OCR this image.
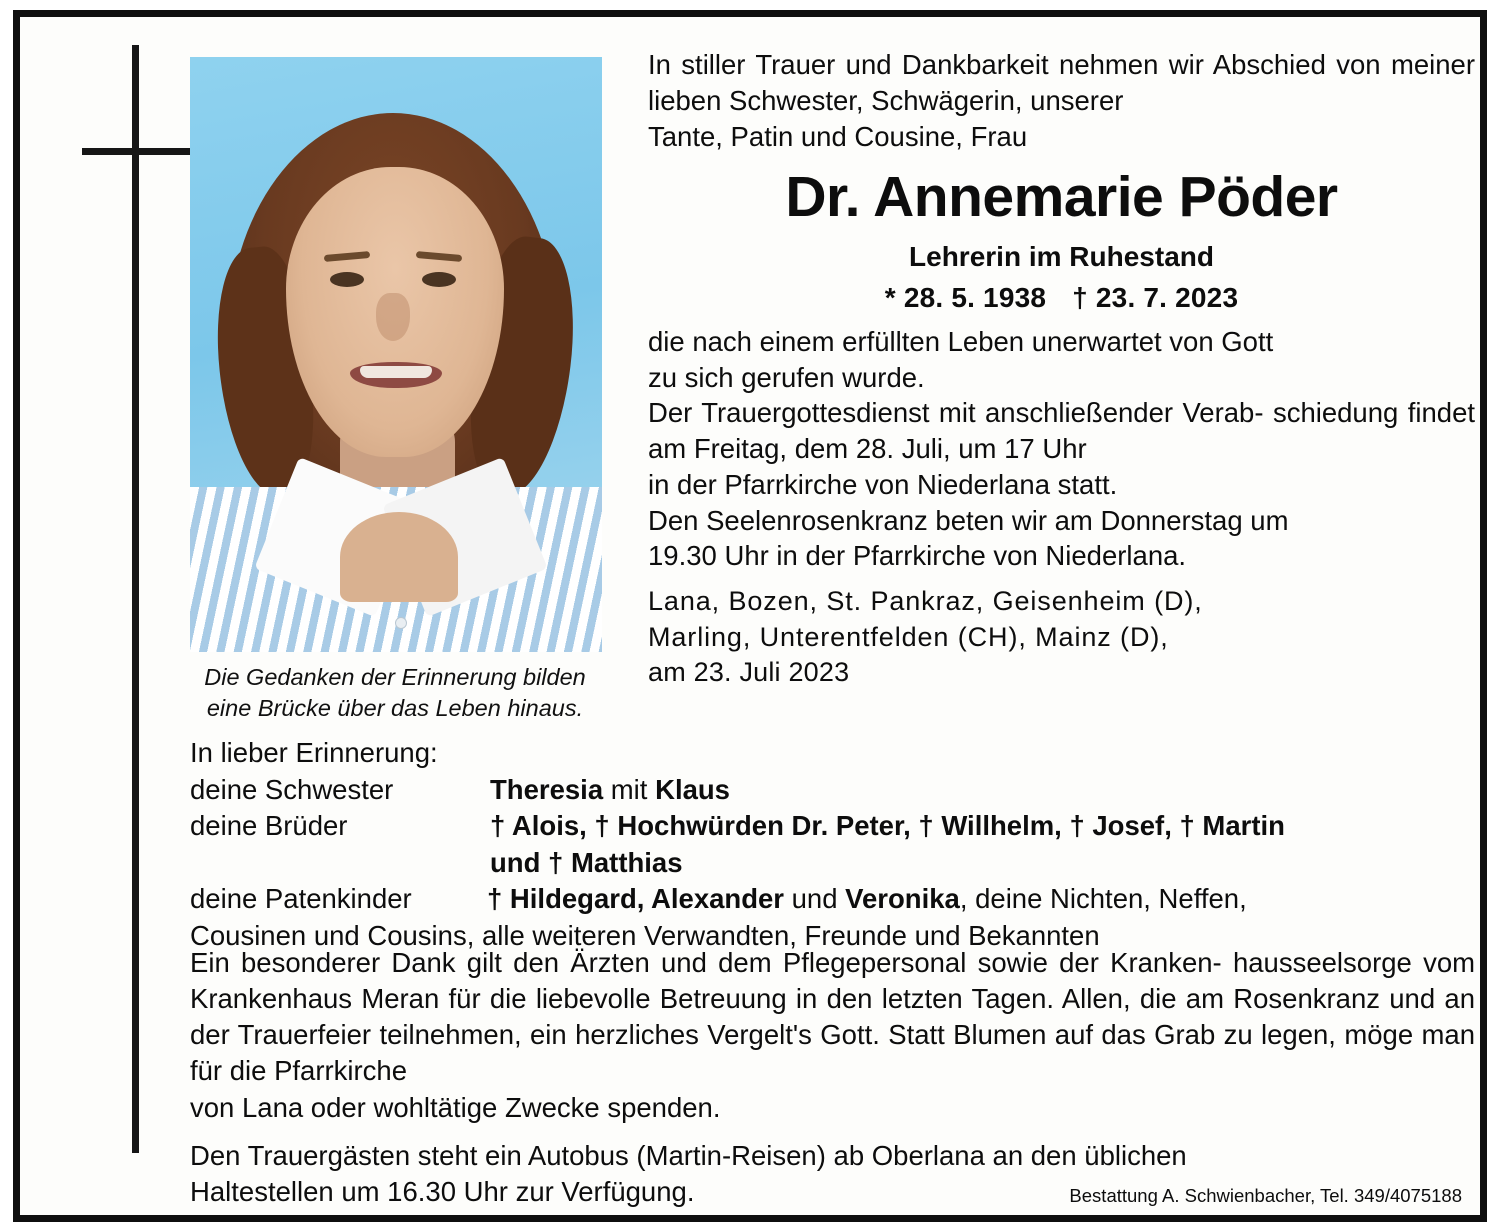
Die Gedanken der Erinnerung bilden
eine Brücke über das Leben hinaus.
In stiller Trauer und Dankbarkeit nehmen wir Abschied von meiner lieben Schwester, Schwägerin, unserer
Tante, Patin und Cousine, Frau
Dr. Annemarie Pöder
Lehrerin im Ruhestand
* 28. 5. 1938 † 23. 7. 2023
die nach einem erfüllten Leben unerwartet von Gott
zu sich gerufen wurde.
Der Trauergottesdienst mit anschließender Verab- schiedung findet am Freitag, dem 28. Juli, um 17 Uhr
in der Pfarrkirche von Niederlana statt.
Den Seelenrosenkranz beten wir am Donnerstag um
19.30 Uhr in der Pfarrkirche von Niederlana.
Lana, Bozen, St. Pankraz, Geisenheim (D),
Marling, Unterentfelden (CH), Mainz (D),
am 23. Juli 2023
In lieber Erinnerung:
deine Schwester	Theresia mit Klaus
deine Brüder	† Alois, † Hochwürden Dr. Peter, † Willhelm, † Josef, † Martin
und † Matthias
deine Patenkinder	† Hildegard, Alexander und Veronika, deine Nichten, Neffen,
Cousinen und Cousins, alle weiteren Verwandten, Freunde und Bekannten
Ein besonderer Dank gilt den Ärzten und dem Pflegepersonal sowie der Kranken- hausseelsorge vom Krankenhaus Meran für die liebevolle Betreuung in den letzten Tagen. Allen, die am Rosenkranz und an der Trauerfeier teilnehmen, ein herzliches Vergelt's Gott. Statt Blumen auf das Grab zu legen, möge man für die Pfarrkirche
von Lana oder wohltätige Zwecke spenden.
Den Trauergästen steht ein Autobus (Martin-Reisen) ab Oberlana an den üblichen
Haltestellen um 16.30 Uhr zur Verfügung.	Bestattung A. Schwienbacher, Tel. 349/4075188
